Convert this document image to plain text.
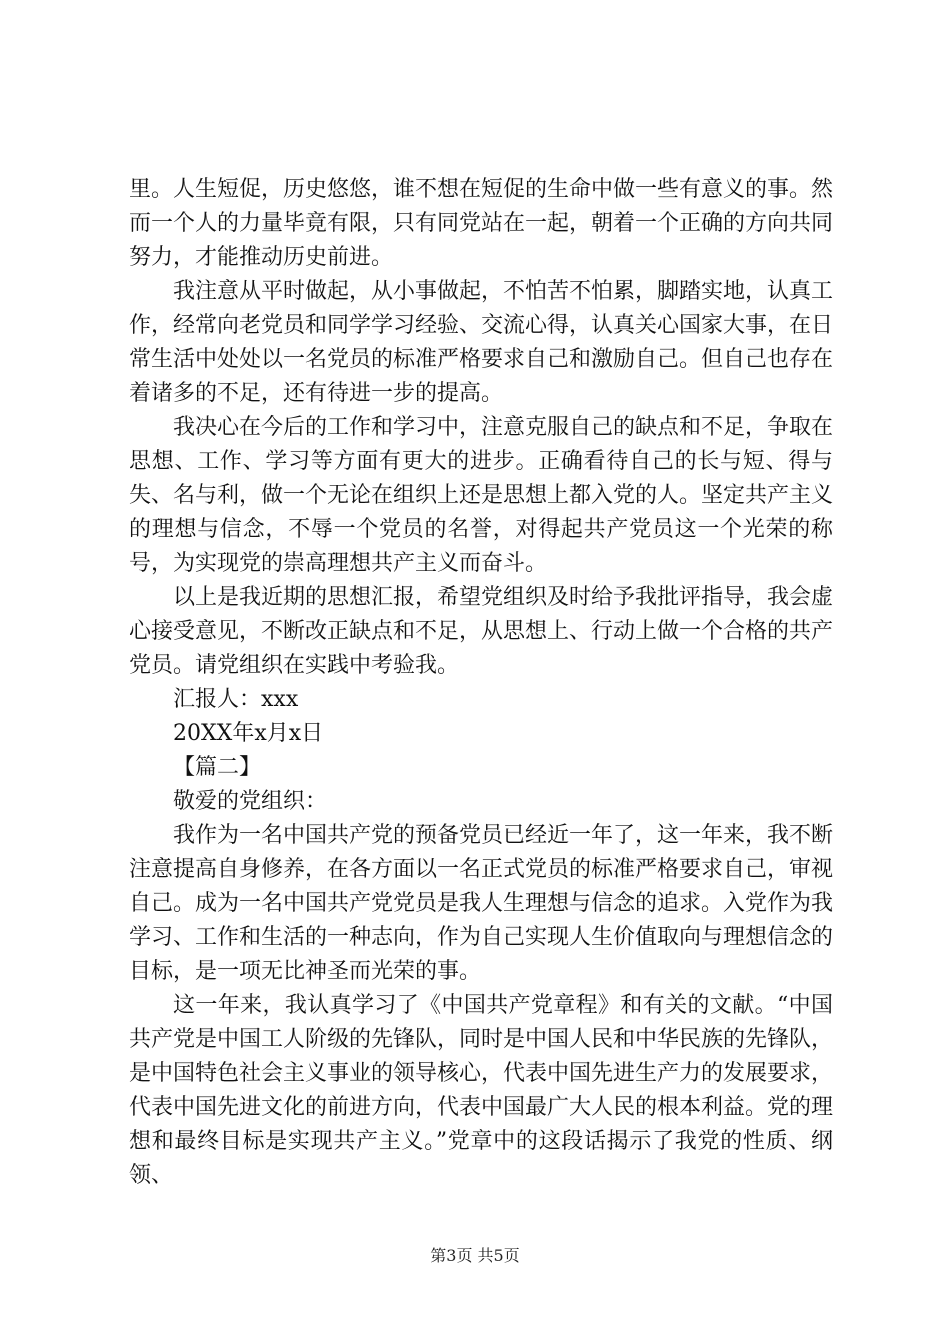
里。人生短促，历史悠悠，谁不想在短促的生命中做一些有意义的事。然而一个人的力量毕竟有限，只有同党站在一起，朝着一个正确的方向共同努力，才能推动历史前进。

我注意从平时做起，从小事做起，不怕苦不怕累，脚踏实地，认真工作，经常向老党员和同学学习经验、交流心得，认真关心国家大事，在日常生活中处处以一名党员的标准严格要求自己和激励自己。但自己也存在着诸多的不足，还有待进一步的提高。

我决心在今后的工作和学习中，注意克服自己的缺点和不足，争取在思想、工作、学习等方面有更大的进步。正确看待自己的长与短、得与失、名与利，做一个无论在组织上还是思想上都入党的人。坚定共产主义的理想与信念，不辱一个党员的名誉，对得起共产党员这一个光荣的称号，为实现党的崇高理想共产主义而奋斗。

以上是我近期的思想汇报，希望党组织及时给予我批评指导，我会虚心接受意见，不断改正缺点和不足，从思想上、行动上做一个合格的共产党员。请党组织在实践中考验我。

汇报人：xxx

20XX年x月x日

【篇二】

敬爱的党组织：

我作为一名中国共产党的预备党员已经近一年了，这一年来，我不断注意提高自身修养，在各方面以一名正式党员的标准严格要求自己，审视自己。成为一名中国共产党党员是我人生理想与信念的追求。入党作为我学习、工作和生活的一种志向，作为自己实现人生价值取向与理想信念的目标，是一项无比神圣而光荣的事。

这一年来，我认真学习了《中国共产党章程》和有关的文献。“中国共产党是中国工人阶级的先锋队，同时是中国人民和中华民族的先锋队，是中国特色社会主义事业的领导核心，代表中国先进生产力的发展要求，代表中国先进文化的前进方向，代表中国最广大人民的根本利益。党的理想和最终目标是实现共产主义。”党章中的这段话揭示了我党的性质、纲领、

第3页 共5页
